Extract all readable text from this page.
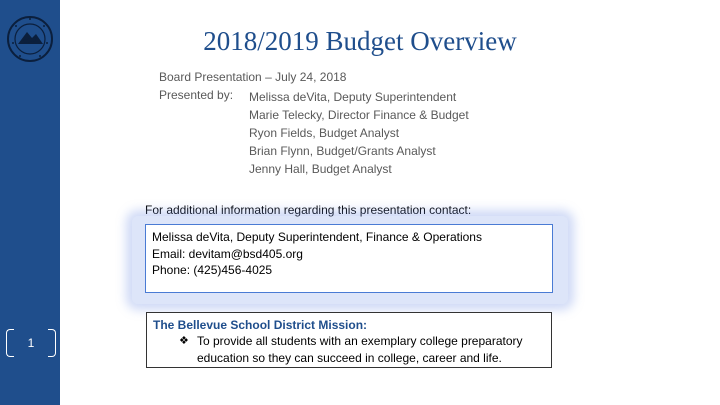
1
2018/2019 Budget Overview
Board Presentation – July 24, 2018
Presented by: Melissa deVita, Deputy Superintendent
Marie Telecky, Director Finance & Budget
Ryon Fields, Budget Analyst
Brian Flynn, Budget/Grants Analyst
Jenny Hall, Budget Analyst
For additional information regarding this presentation contact:
Melissa deVita, Deputy Superintendent, Finance & Operations
Email: devitam@bsd405.org
Phone: (425)456-4025
The Bellevue School District Mission:
❖ To provide all students with an exemplary college preparatory
education so they can succeed in college, career and life.
